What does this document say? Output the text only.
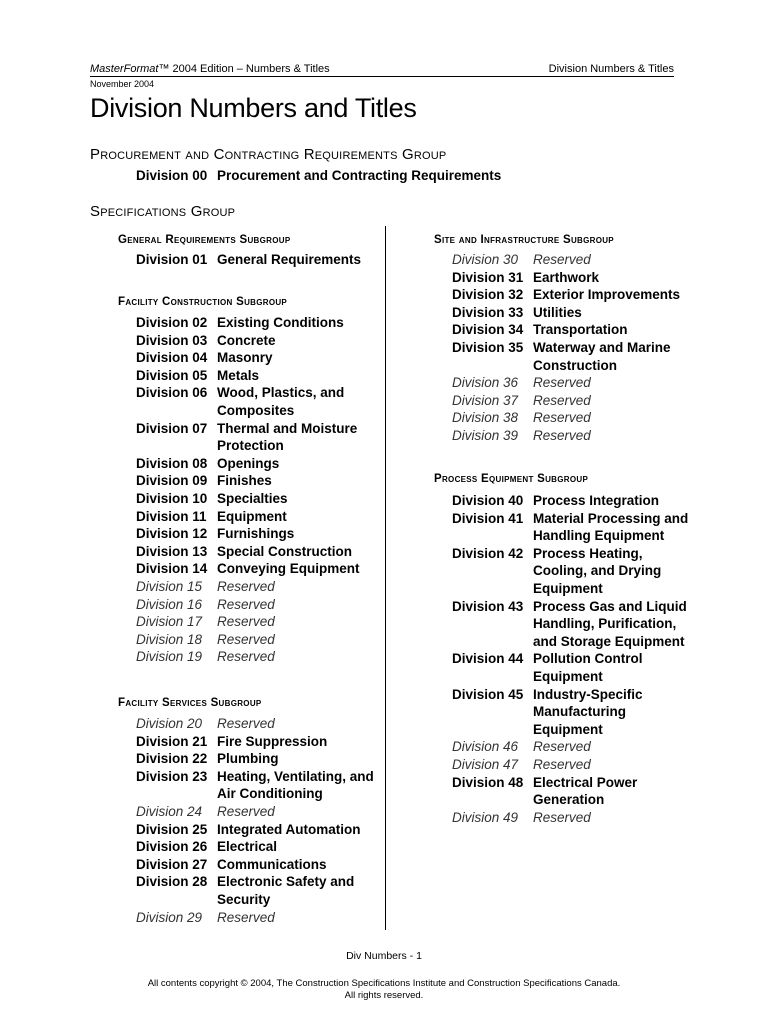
MasterFormat™ 2004 Edition – Numbers & Titles	Division Numbers & Titles
November 2004
Division Numbers and Titles
Procurement and Contracting Requirements Group
Division 00 Procurement and Contracting Requirements
Specifications Group
General Requirements Subgroup
Division 01 General Requirements
Facility Construction Subgroup
Division 02 Existing Conditions
Division 03 Concrete
Division 04 Masonry
Division 05 Metals
Division 06 Wood, Plastics, and
Composites
Division 07 Thermal and Moisture
Protection
Division 08 Openings
Division 09 Finishes
Division 10 Specialties
Division 11 Equipment
Division 12 Furnishings
Division 13 Special Construction
Division 14 Conveying Equipment
Division 15 Reserved
Division 16 Reserved
Division 17 Reserved
Division 18 Reserved
Division 19 Reserved
Facility Services Subgroup
Division 20 Reserved
Division 21 Fire Suppression
Division 22 Plumbing
Division 23 Heating, Ventilating, and
Air Conditioning
Division 24 Reserved
Division 25 Integrated Automation
Division 26 Electrical
Division 27 Communications
Division 28 Electronic Safety and
Security
Division 29 Reserved
Site and Infrastructure Subgroup
Division 30 Reserved
Division 31 Earthwork
Division 32 Exterior Improvements
Division 33 Utilities
Division 34 Transportation
Division 35 Waterway and Marine
Construction
Division 36 Reserved
Division 37 Reserved
Division 38 Reserved
Division 39 Reserved
Process Equipment Subgroup
Division 40 Process Integration
Division 41 Material Processing and
Handling Equipment
Division 42 Process Heating,
Cooling, and Drying
Equipment
Division 43 Process Gas and Liquid
Handling, Purification,
and Storage Equipment
Division 44 Pollution Control
Equipment
Division 45 Industry-Specific
Manufacturing
Equipment
Division 46 Reserved
Division 47 Reserved
Division 48 Electrical Power
Generation
Division 49 Reserved
Div Numbers - 1
All contents copyright © 2004, The Construction Specifications Institute and Construction Specifications Canada.
All rights reserved.
